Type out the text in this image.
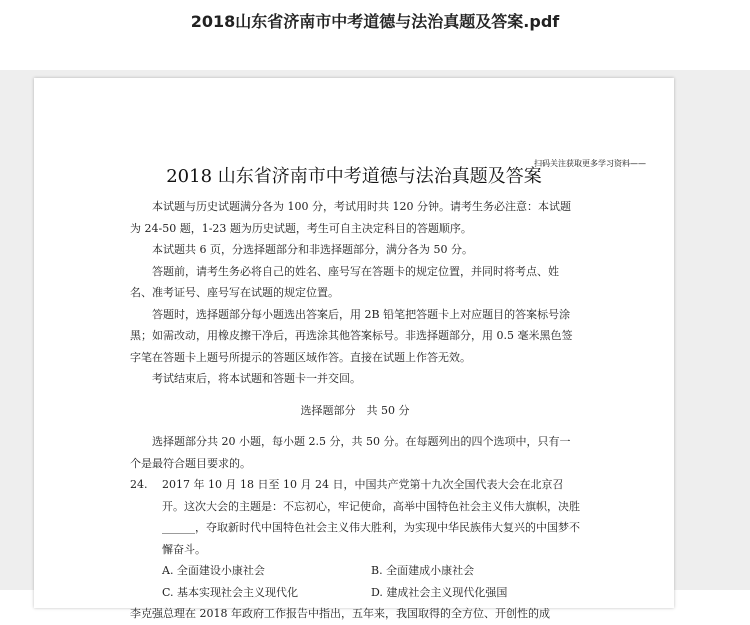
2018山东省济南市中考道德与法治真题及答案.pdf
扫码关注获取更多学习资料——
2018 山东省济南市中考道德与法治真题及答案

本试题与历史试题满分各为 100 分，考试用时共 120 分钟。请考生务必注意：本试题为 24-50 题，1-23 题为历史试题，考生可自主决定科目的答题顺序。

本试题共 6 页，分选择题部分和非选择题部分，满分各为 50 分。

答题前，请考生务必将自己的姓名、座号写在答题卡的规定位置，并同时将考点、姓名、准考证号、座号写在试题的规定位置。

答题时，选择题部分每小题选出答案后，用 2B 铅笔把答题卡上对应题目的答案标号涂黑；如需改动，用橡皮擦干净后，再选涂其他答案标号。非选择题部分，用 0.5 毫米黑色签字笔在答题卡上题号所提示的答题区域作答。直接在试题上作答无效。

考试结束后，将本试题和答题卡一并交回。

选择题部分　共 50 分

选择题部分共 20 小题，每小题 2.5 分，共 50 分。在每题列出的四个选项中，只有一个是最符合题目要求的。

24. 2017 年 10 月 18 日至 10 月 24 日，中国共产党第十九次全国代表大会在北京召开。这次大会的主题是：不忘初心，牢记使命，高举中国特色社会主义伟大旗帜，决胜______，夺取新时代中国特色社会主义伟大胜利，为实现中华民族伟大复兴的中国梦不懈奋斗。
A. 全面建设小康社会	B. 全面建成小康社会
C. 基本实现社会主义现代化	D. 建成社会主义现代化强国

李克强总理在 2018 年政府工作报告中指出，五年来，我国取得的全方位、开创性的成
